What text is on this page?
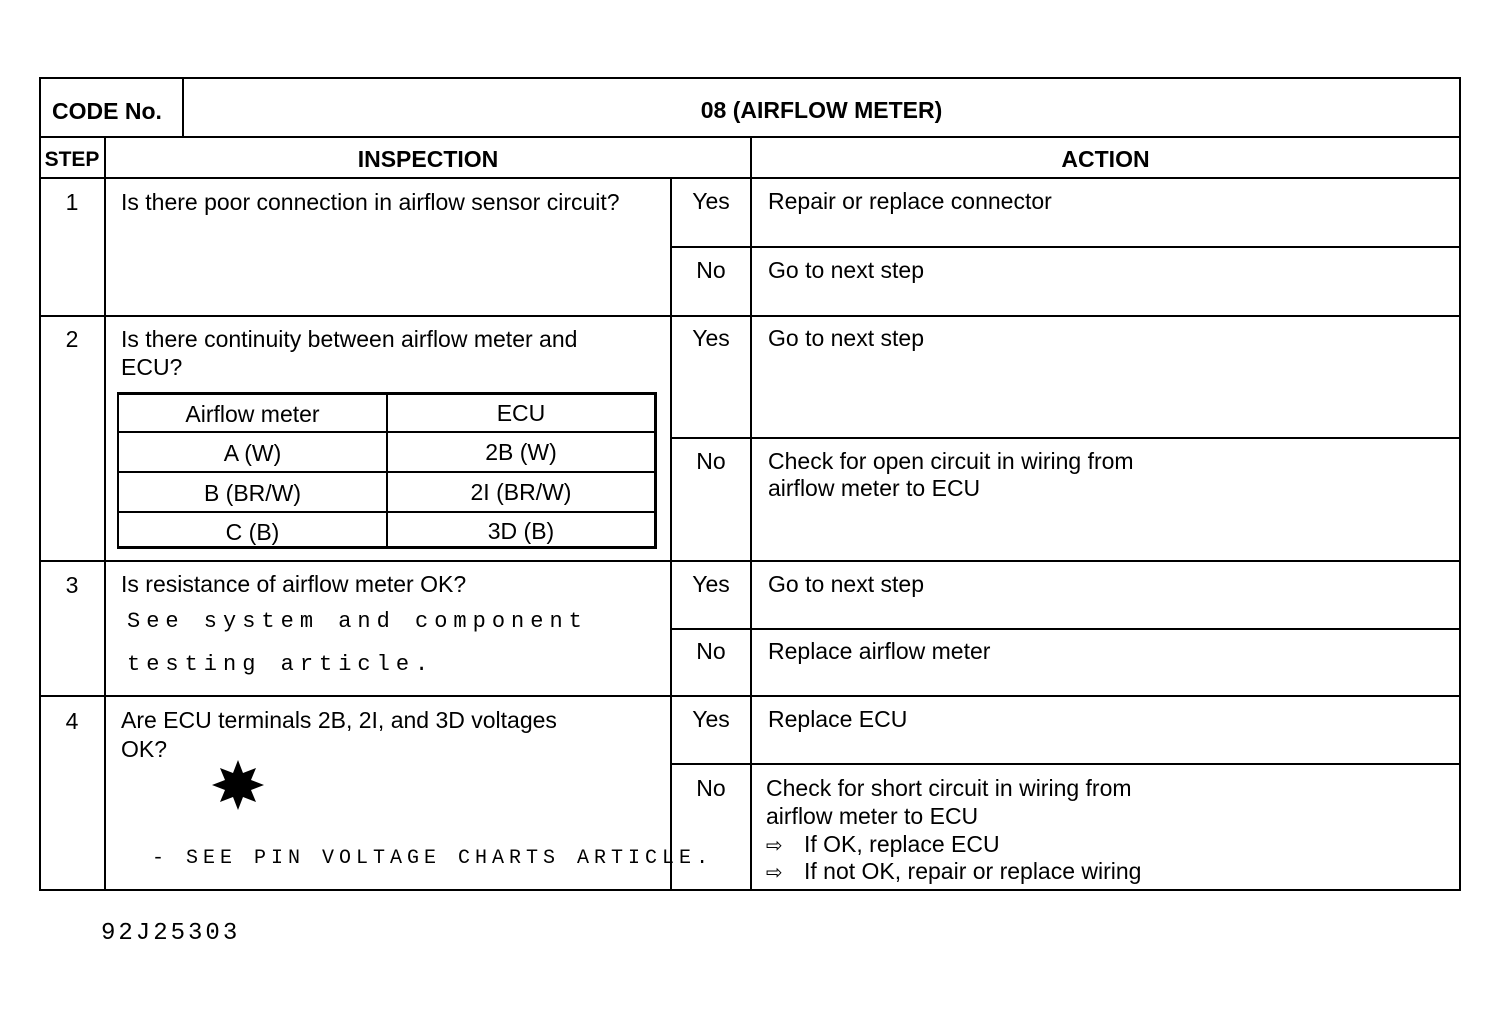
CODE No.	08 (AIRFLOW METER)
STEP	INSPECTION	ACTION
1	Is there poor connection in airflow sensor circuit?	Yes	Repair or replace connector
No	Go to next step
2	Is there continuity between airflow meter and
ECU?
Airflow meter	ECU
A (W)	2B (W)
B (BR/W)	2I (BR/W)
C (B)	3D (B)
Yes	Go to next step
No	Check for open circuit in wiring from
airflow meter to ECU
3	Is resistance of airflow meter OK?
See system and component
testing article.
Yes	Go to next step
No	Replace airflow meter
4	Are ECU terminals 2B, 2I, and 3D voltages
OK?
- SEE PIN VOLTAGE CHARTS ARTICLE.
Yes	Replace ECU
No	Check for short circuit in wiring from
airflow meter to ECU
⇨ If OK, replace ECU
⇨ If not OK, repair or replace wiring
92J25303
